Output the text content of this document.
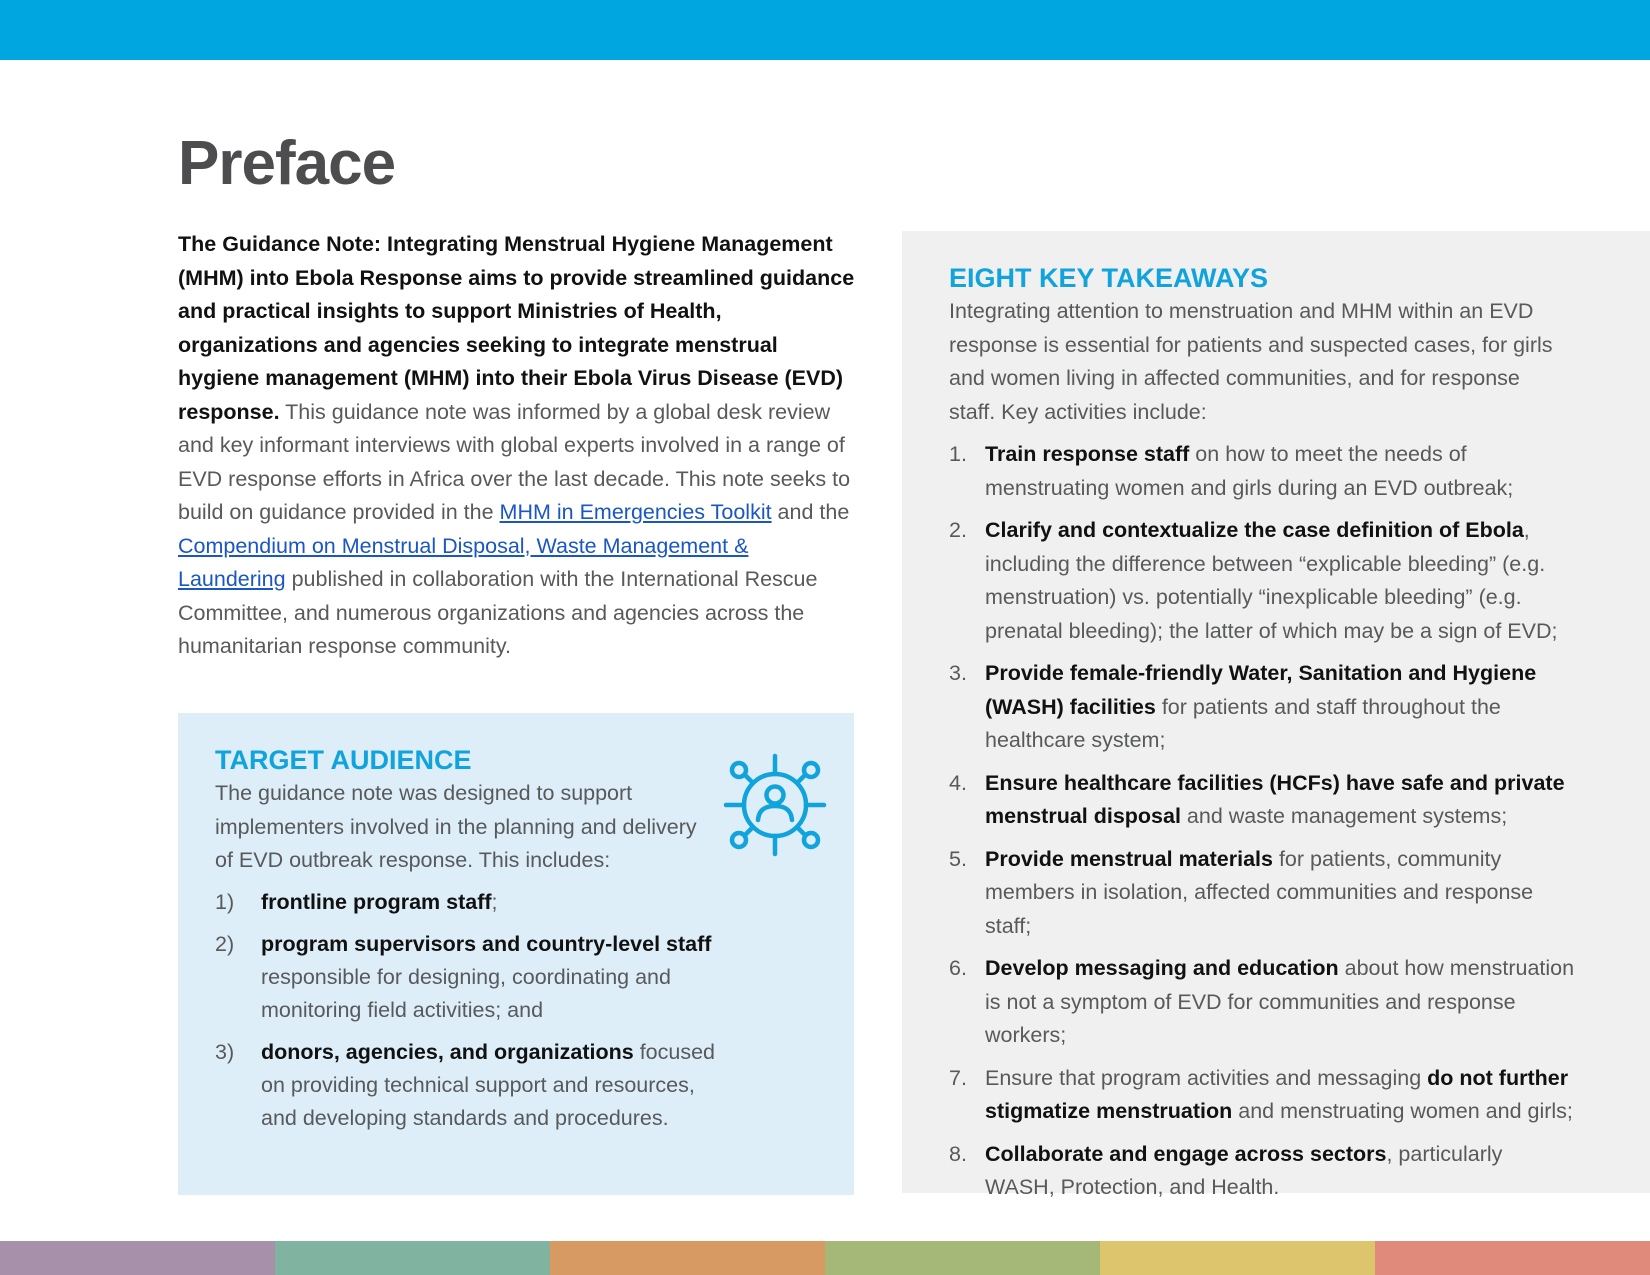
Preface

The Guidance Note: Integrating Menstrual Hygiene Management (MHM) into Ebola Response aims to provide streamlined guidance and practical insights to support Ministries of Health, organizations and agencies seeking to integrate menstrual hygiene management (MHM) into their Ebola Virus Disease (EVD) response. This guidance note was informed by a global desk review and key informant interviews with global experts involved in a range of EVD response efforts in Africa over the last decade. This note seeks to build on guidance provided in the MHM in Emergencies Toolkit and the Compendium on Menstrual Disposal, Waste Management & Laundering published in collaboration with the International Rescue Committee, and numerous organizations and agencies across the humanitarian response community.

TARGET AUDIENCE

The guidance note was designed to support implementers involved in the planning and delivery of EVD outbreak response. This includes:

1) frontline program staff;
2) program supervisors and country-level staff responsible for designing, coordinating and monitoring field activities; and
3) donors, agencies, and organizations focused on providing technical support and resources, and developing standards and procedures.
EIGHT KEY TAKEAWAYS

Integrating attention to menstruation and MHM within an EVD response is essential for patients and suspected cases, for girls and women living in affected communities, and for response staff. Key activities include:

1. Train response staff on how to meet the needs of menstruating women and girls during an EVD outbreak;
2. Clarify and contextualize the case definition of Ebola, including the difference between “explicable bleeding” (e.g. menstruation) vs. potentially “inexplicable bleeding” (e.g. prenatal bleeding); the latter of which may be a sign of EVD;
3. Provide female-friendly Water, Sanitation and Hygiene (WASH) facilities for patients and staff throughout the healthcare system;
4. Ensure healthcare facilities (HCFs) have safe and private menstrual disposal and waste management systems;
5. Provide menstrual materials for patients, community members in isolation, affected communities and response staff;
6. Develop messaging and education about how menstruation is not a symptom of EVD for communities and response workers;
7. Ensure that program activities and messaging do not further stigmatize menstruation and menstruating women and girls;
8. Collaborate and engage across sectors, particularly WASH, Protection, and Health.
